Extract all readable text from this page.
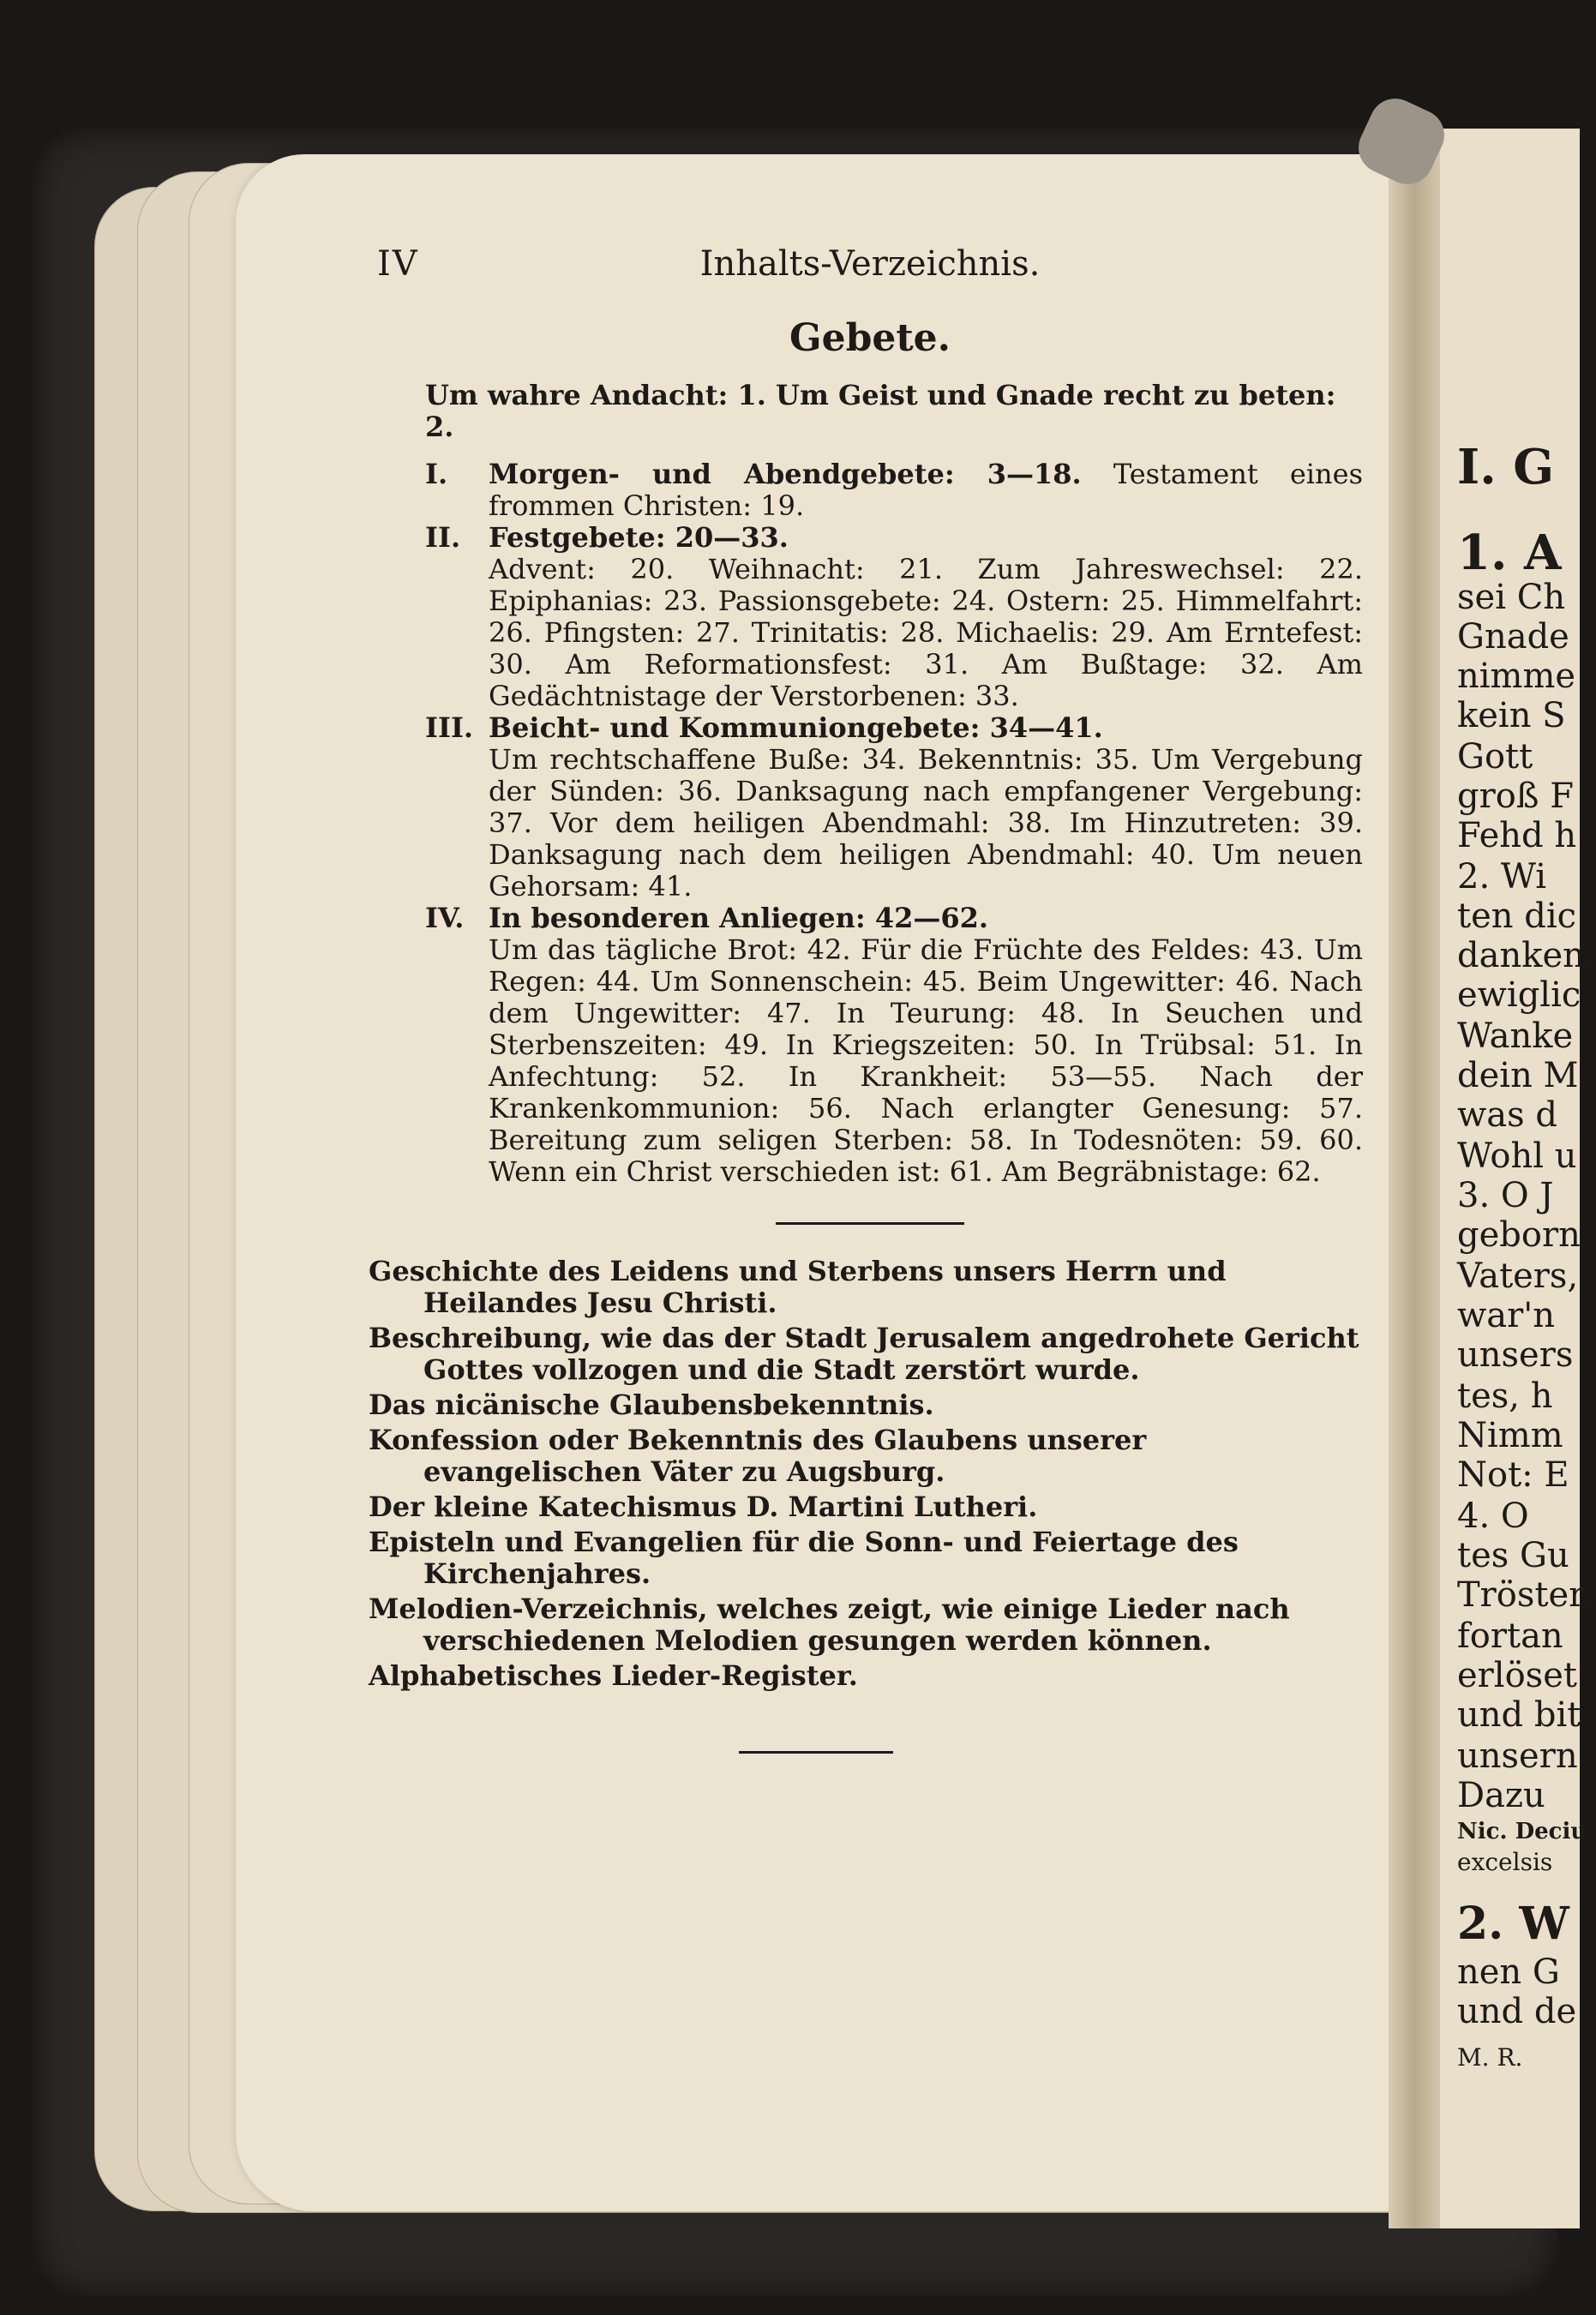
IV	Inhalts-Verzeichnis.
Gebete.
Um wahre Andacht: 1. Um Geist und Gnade recht zu beten: 2.
I.	Morgen- und Abendgebete: 3—18. Testament eines frommen Christen: 19.
II.	Festgebete: 20—33.
Advent: 20. Weihnacht: 21. Zum Jahreswechsel: 22. Epiphanias: 23. Passionsgebete: 24. Ostern: 25. Himmelfahrt: 26. Pfingsten: 27. Trinitatis: 28. Michaelis: 29. Am Erntefest: 30. Am Reformationsfest: 31. Am Bußtage: 32. Am Gedächtnistage der Verstorbenen: 33.
III. Beicht- und Kommuniongebete: 34—41.
Um rechtschaffene Buße: 34. Bekenntnis: 35. Um Vergebung der Sünden: 36. Danksagung nach empfangener Vergebung: 37. Vor dem heiligen Abendmahl: 38. Im Hinzutreten: 39. Danksagung nach dem heiligen Abendmahl: 40. Um neuen Gehorsam: 41.
IV. In besonderen Anliegen: 42—62.
Um das tägliche Brot: 42. Für die Früchte des Feldes: 43. Um Regen: 44. Um Sonnenschein: 45. Beim Ungewitter: 46. Nach dem Ungewitter: 47. In Teurung: 48. In Seuchen und Sterbenszeiten: 49. In Kriegszeiten: 50. In Trübsal: 51. In Anfechtung: 52. In Krankheit: 53—55. Nach der Krankenkommunion: 56. Nach erlangter Genesung: 57. Bereitung zum seligen Sterben: 58. In Todesnöten: 59. 60. Wenn ein Christ verschieden ist: 61. Am Begräbnistage: 62.
Geschichte des Leidens und Sterbens unsers Herrn und Heilandes Jesu Christi.
Beschreibung, wie das der Stadt Jerusalem angedrohete Gericht Gottes vollzogen und die Stadt zerstört wurde.
Das nicänische Glaubensbekenntnis.
Konfession oder Bekenntnis des Glaubens unserer evangelischen Väter zu Augsburg.
Der kleine Katechismus D. Martini Lutheri.
Episteln und Evangelien für die Sonn- und Feiertage des Kirchenjahres.
Melodien-Verzeichnis, welches zeigt, wie einige Lieder nach verschiedenen Melodien gesungen werden können.
Alphabetisches Lieder-Register.
I. G
1. A
sei Ch
Gnade
nimme
kein S
Gott
groß F
Fehd h
2. Wi
ten dic
danken,
ewiglic
Wanke
dein M
was d
Wohl u
3. O J
geborn
Vaters,
war'n
unsers
tes, h
Nimm
Not: E
4. O
tes Gu
Tröster,
fortan
erlöset
und bit
unsern
Dazu
Nic. Deciu
excelsis
2. W
nen G
und de
M. R.
